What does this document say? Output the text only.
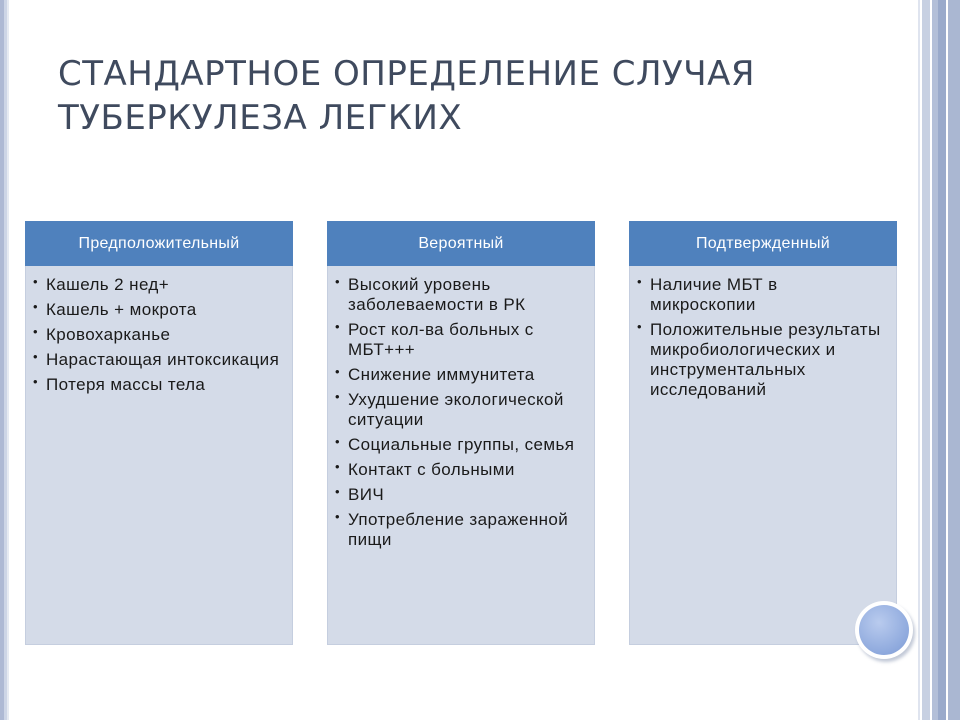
СТАНДАРТНОЕ ОПРЕДЕЛЕНИЕ СЛУЧАЯ ТУБЕРКУЛЕЗА ЛЕГКИХ
Предположительный
• Кашель 2 нед+
• Кашель + мокрота
• Кровохарканье
• Нарастающая интоксикация
• Потеря массы тела
Вероятный
• Высокий уровень заболеваемости в РК
• Рост кол-ва больных с МБТ+++
• Снижение иммунитета
• Ухудшение экологической ситуации
• Социальные группы, семья
• Контакт с больными
• ВИЧ
• Употребление зараженной пищи
Подтвержденный
• Наличие МБТ в микроскопии
• Положительные результаты микробиологических и инструментальных исследований
